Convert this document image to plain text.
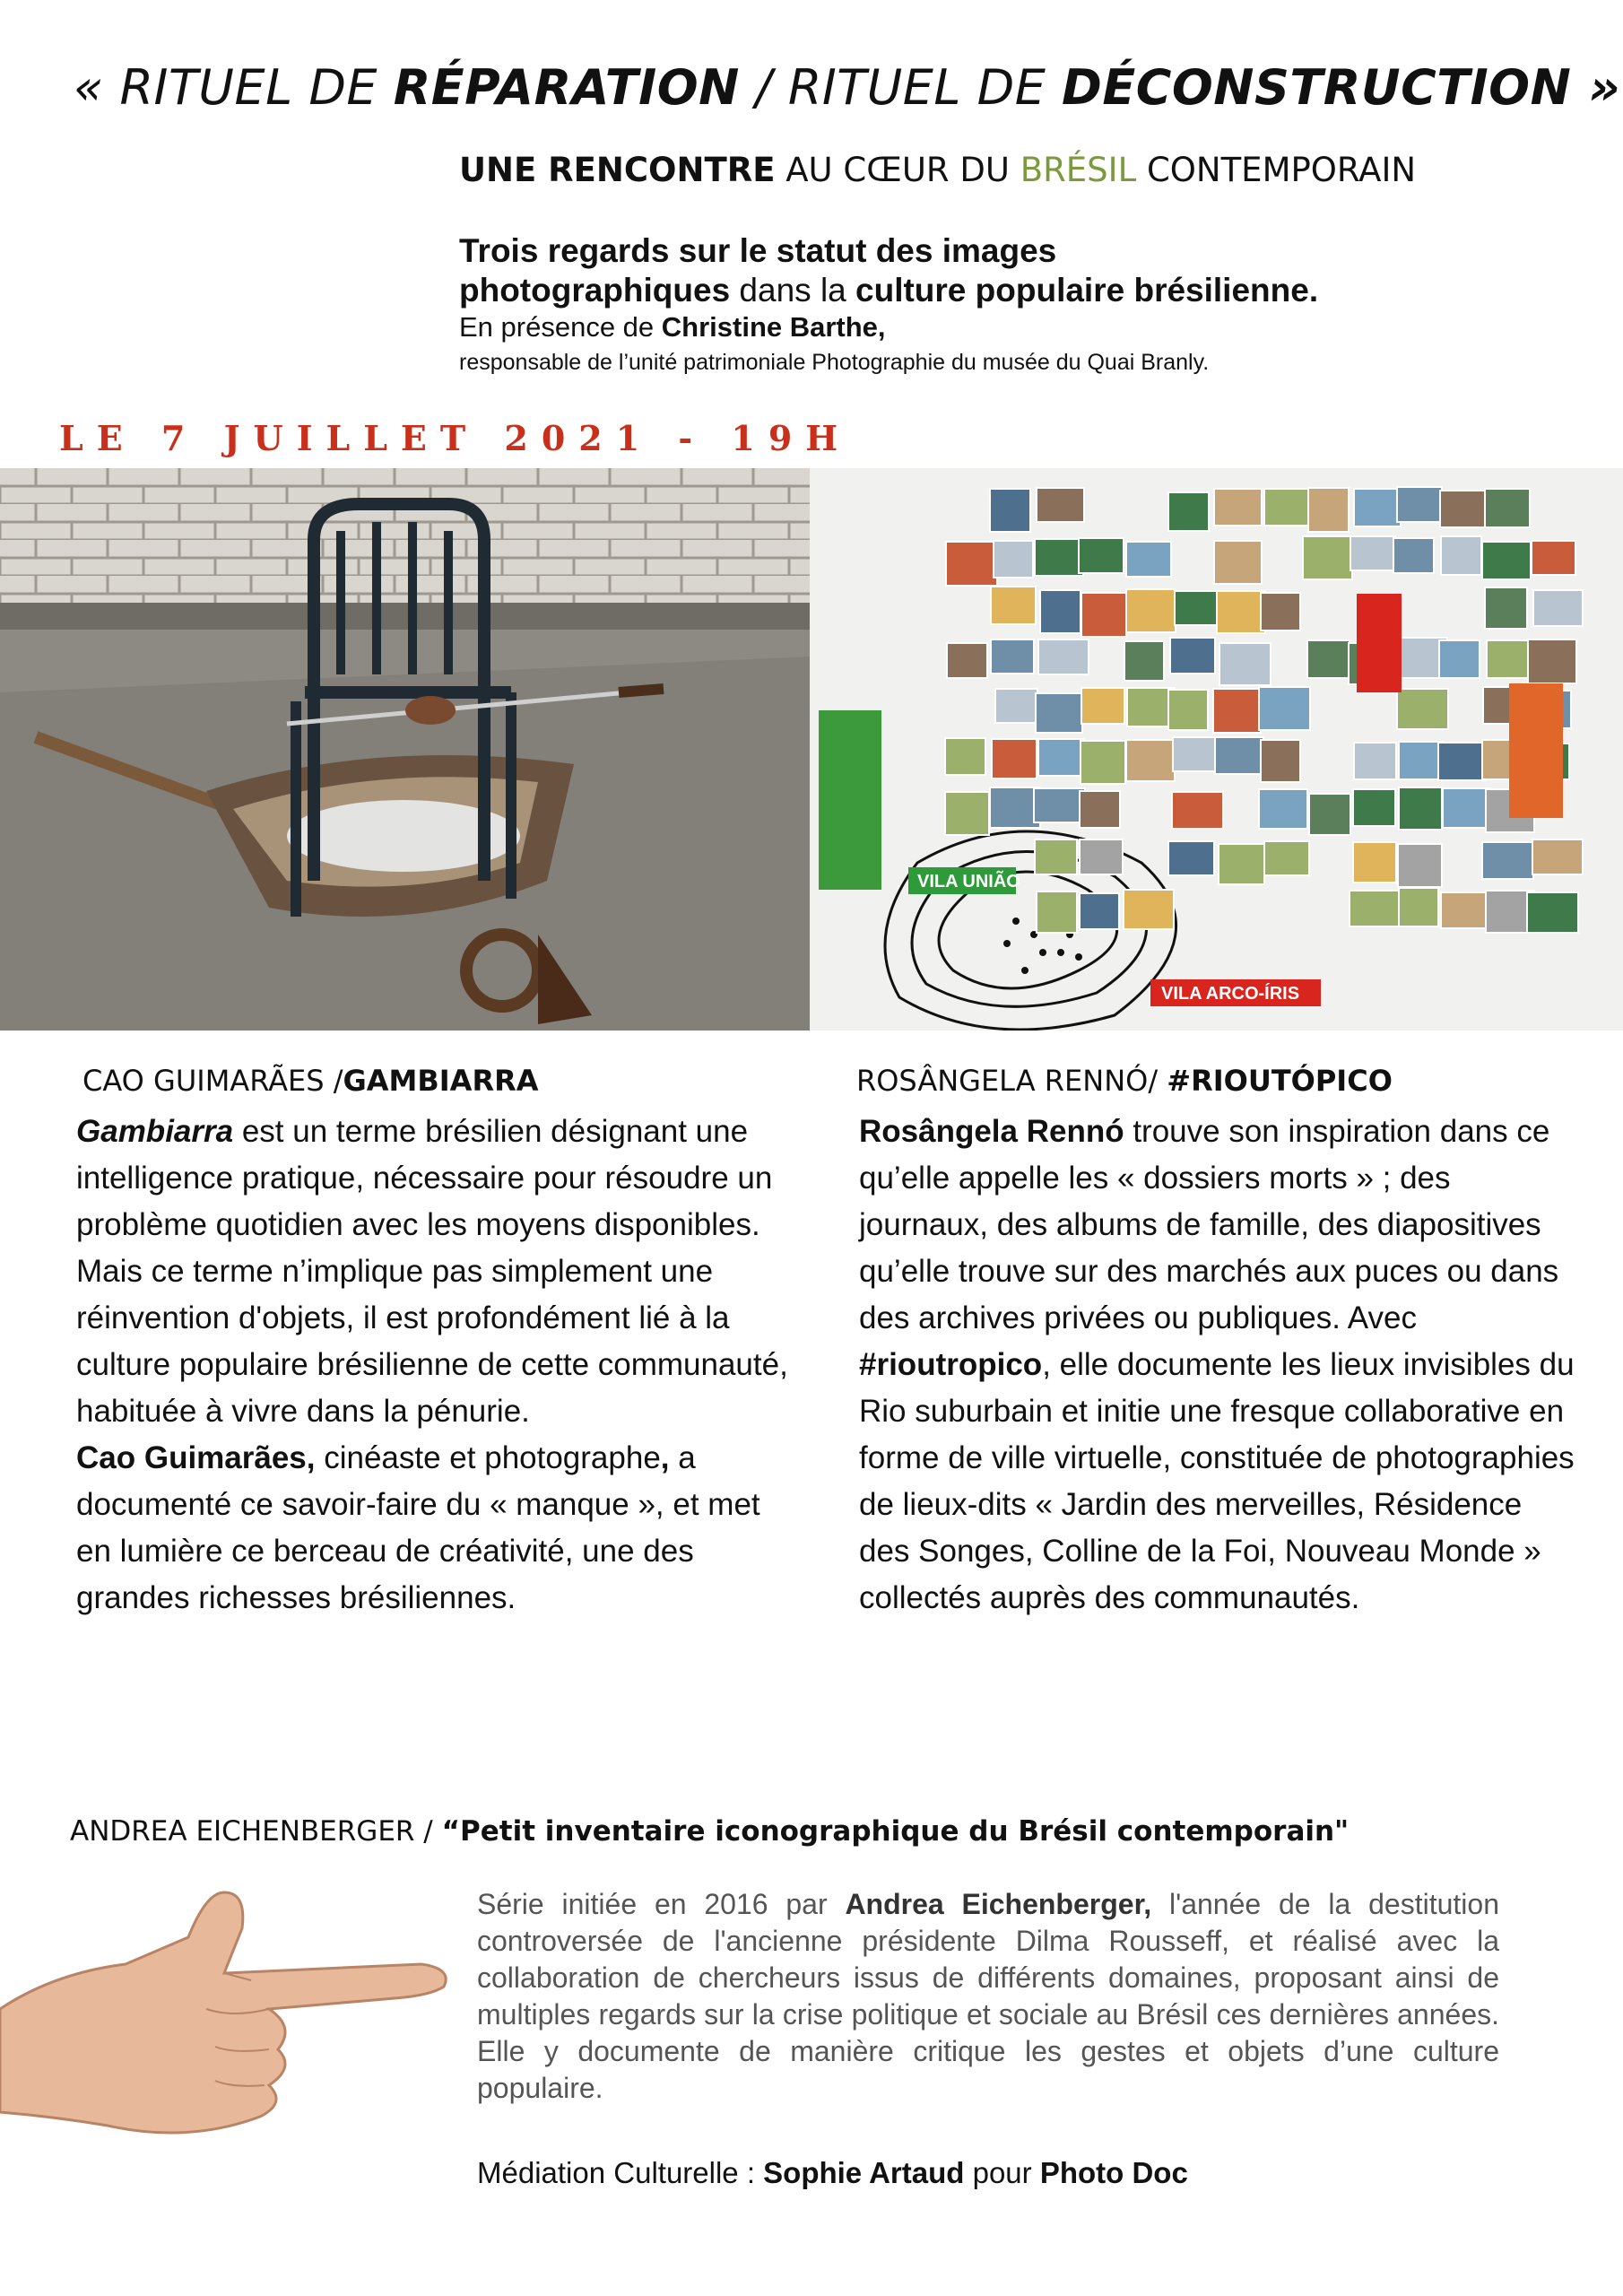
« RITUEL DE RÉPARATION / RITUEL DE DÉCONSTRUCTION »
UNE RENCONTRE AU CŒUR DU BRÉSIL CONTEMPORAIN
Trois regards sur le statut des images
photographiques dans la culture populaire brésilienne.
En présence de Christine Barthe,
responsable de l’unité patrimoniale Photographie du musée du Quai Branly.
LE 7 JUILLET 2021 - 19H
VILA UNIÃO
VILA ARCO-ÍRIS
CAO GUIMARÃES /GAMBIARRA

Gambiarra est un terme brésilien désignant une intelligence pratique, nécessaire pour résoudre un problème quotidien avec les moyens disponibles. Mais ce terme n’implique pas simplement une réinvention d'objets, il est profondément lié à la culture populaire brésilienne de cette communauté, habituée à vivre dans la pénurie.

Cao Guimarães, cinéaste et photographe, a documenté ce savoir-faire du « manque », et met en lumière ce berceau de créativité, une des grandes richesses brésiliennes.

ROSÂNGELA RENNÓ/ #RIOUTÓPICO

Rosângela Rennó trouve son inspiration dans ce qu’elle appelle les « dossiers morts » ; des journaux, des albums de famille, des diapositives qu’elle trouve sur des marchés aux puces ou dans des archives privées ou publiques. Avec #rioutropico, elle documente les lieux invisibles du Rio suburbain et initie une fresque collaborative en forme de ville virtuelle, constituée de photographies de lieux-dits « Jardin des merveilles, Résidence des Songes, Colline de la Foi, Nouveau Monde » collectés auprès des communautés.

ANDREA EICHENBERGER / “Petit inventaire iconographique du Brésil contemporain"
Série initiée en 2016 par Andrea Eichenberger, l'année de la destitution controversée de l'ancienne présidente Dilma Rousseff, et réalisé avec la collaboration de chercheurs issus de différents domaines, proposant ainsi de multiples regards sur la crise politique et sociale au Brésil ces dernières années. Elle y documente de manière critique les gestes et objets d’une culture populaire.
Médiation Culturelle : Sophie Artaud pour Photo Doc
